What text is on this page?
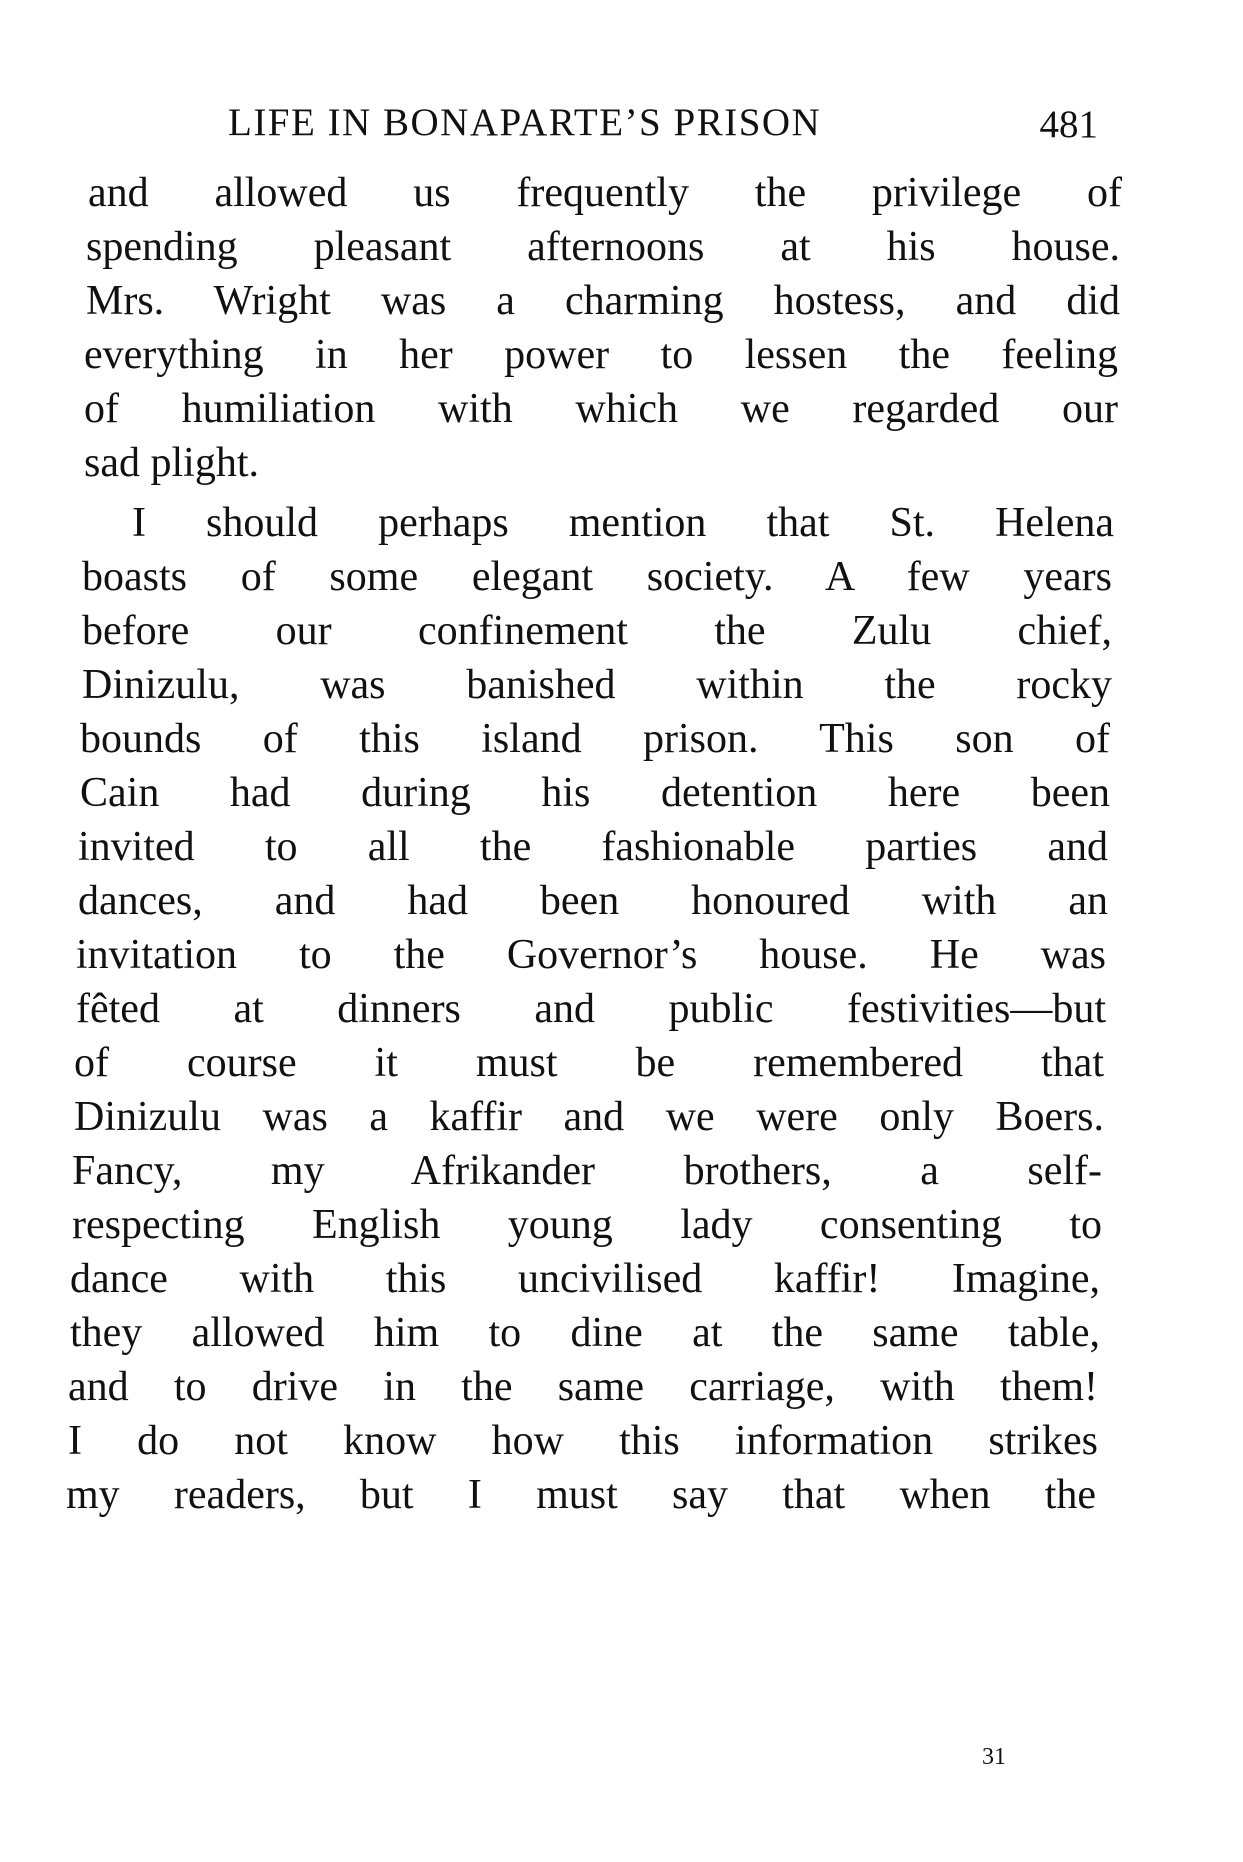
LIFE IN BONAPARTE’S PRISON	481
and allowed us frequently the privilege of
spending pleasant afternoons at his house.
Mrs. Wright was a charming hostess, and did
everything in her power to lessen the feeling
of humiliation with which we regarded our
sad plight.
I should perhaps mention that St. Helena
boasts of some elegant society. A few years
before our confinement the Zulu chief,
Dinizulu, was banished within the rocky
bounds of this island prison. This son of
Cain had during his detention here been
invited to all the fashionable parties and
dances, and had been honoured with an
invitation to the Governor’s house. He was
fêted at dinners and public festivities—but
of course it must be remembered that
Dinizulu was a kaffir and we were only Boers.
Fancy, my Afrikander brothers, a self-
respecting English young lady consenting to
dance with this uncivilised kaffir! Imagine,
they allowed him to dine at the same table,
and to drive in the same carriage, with them!
I do not know how this information strikes
my readers, but I must say that when the
31
